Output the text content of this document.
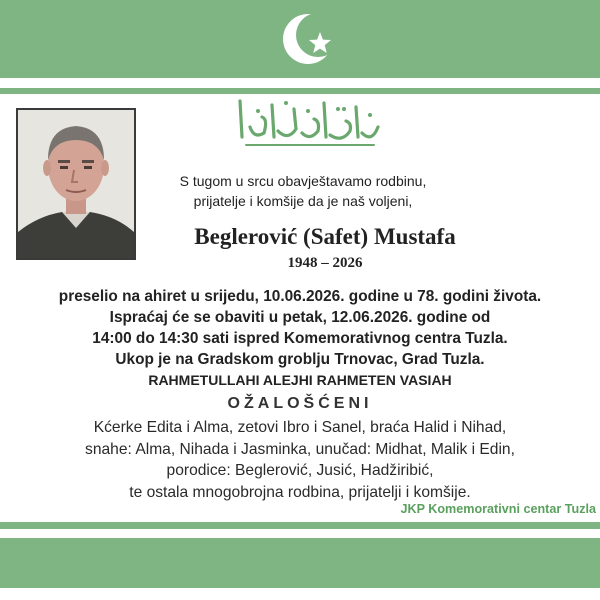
S tugom u srcu obavještavamo rodbinu,
prijatelje i komšije da je naš voljeni,
Beglerović (Safet) Mustafa
1948 – 2026
preselio na ahiret u srijedu, 10.06.2026. godine u 78. godini života.
Ispraćaj će se obaviti u petak, 12.06.2026. godine od
14:00 do 14:30 sati ispred Komemorativnog centra Tuzla.
Ukop je na Gradskom groblju Trnovac, Grad Tuzla.
RAHMETULLAHI ALEJHI RAHMETEN VASIAH
OŽALOŠĆENI
Kćerke Edita i Alma, zetovi Ibro i Sanel, braća Halid i Nihad,
snahe: Alma, Nihada i Jasminka, unučad: Midhat, Malik i Edin,
porodice: Beglerović, Jusić, Hadžiribić,
te ostala mnogobrojna rodbina, prijatelji i komšije.
JKP Komemorativni centar Tuzla
